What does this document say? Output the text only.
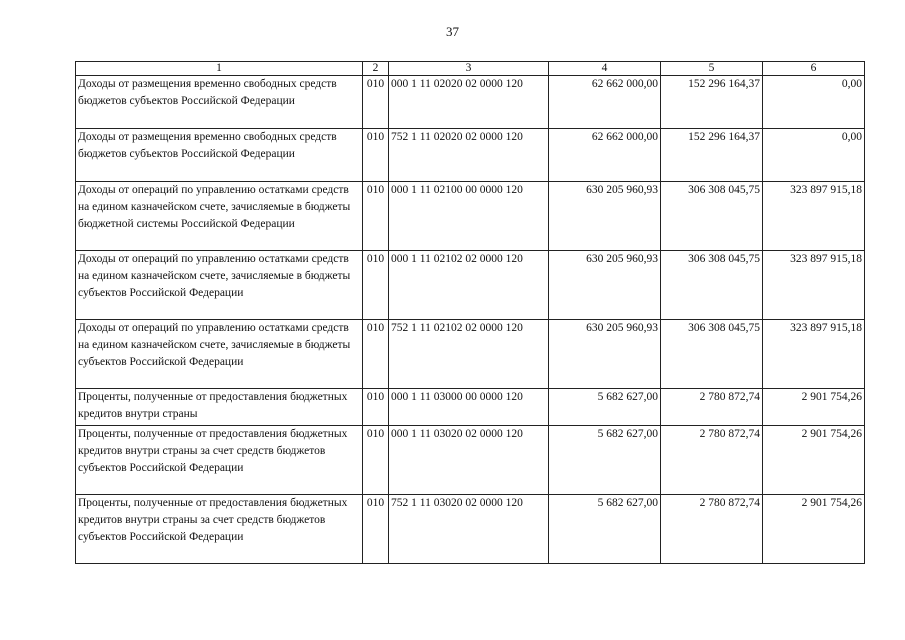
37
1	2	3	4	5	6
Доходы от размещения временно свободных средств бюджетов субъектов Российской Федерации	010	000 1 11 02020 02 0000 120	62 662 000,00	152 296 164,37	0,00
Доходы от размещения временно свободных средств бюджетов субъектов Российской Федерации	010	752 1 11 02020 02 0000 120	62 662 000,00	152 296 164,37	0,00
Доходы от операций по управлению остатками средств на едином казначейском счете, зачисляемые в бюджеты бюджетной системы Российской Федерации	010	000 1 11 02100 00 0000 120	630 205 960,93	306 308 045,75	323 897 915,18
Доходы от операций по управлению остатками средств на едином казначейском счете, зачисляемые в бюджеты субъектов Российской Федерации	010	000 1 11 02102 02 0000 120	630 205 960,93	306 308 045,75	323 897 915,18
Доходы от операций по управлению остатками средств на едином казначейском счете, зачисляемые в бюджеты субъектов Российской Федерации	010	752 1 11 02102 02 0000 120	630 205 960,93	306 308 045,75	323 897 915,18
Проценты, полученные от предоставления бюджетных кредитов внутри страны	010	000 1 11 03000 00 0000 120	5 682 627,00	2 780 872,74	2 901 754,26
Проценты, полученные от предоставления бюджетных кредитов внутри страны за счет средств бюджетов субъектов Российской Федерации	010	000 1 11 03020 02 0000 120	5 682 627,00	2 780 872,74	2 901 754,26
Проценты, полученные от предоставления бюджетных кредитов внутри страны за счет средств бюджетов субъектов Российской Федерации	010	752 1 11 03020 02 0000 120	5 682 627,00	2 780 872,74	2 901 754,26
